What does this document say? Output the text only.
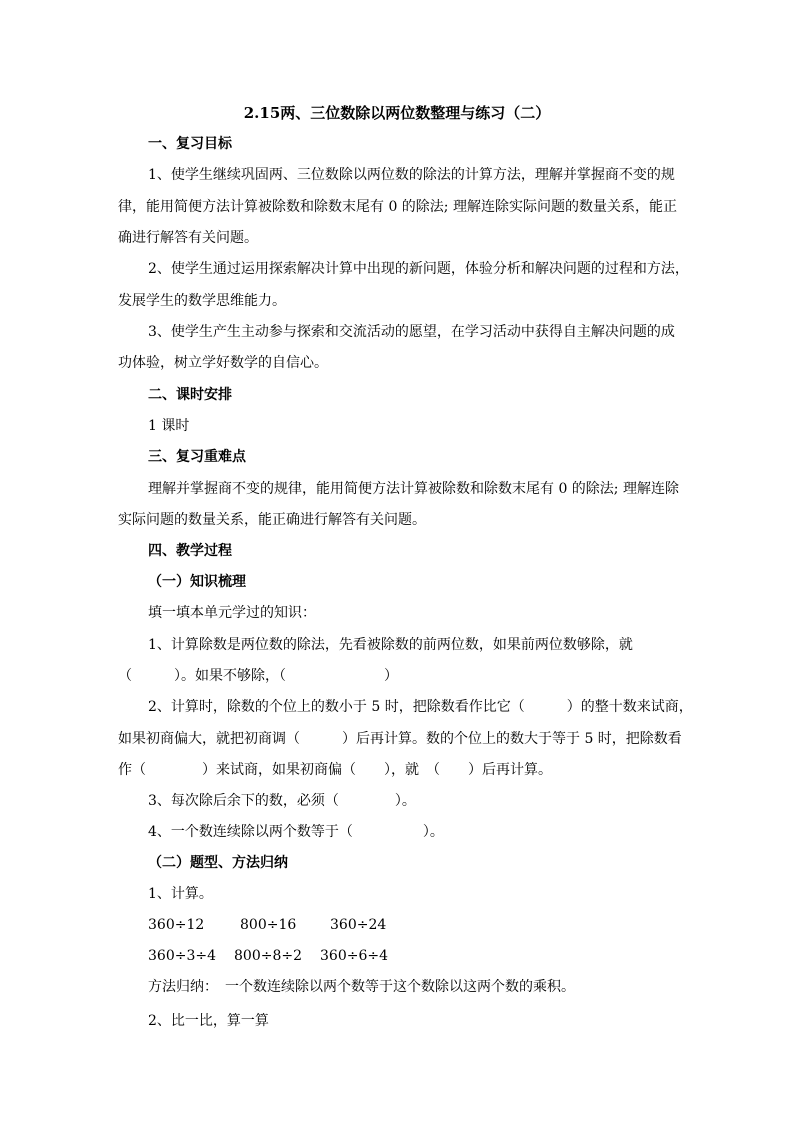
2.15两、三位数除以两位数整理与练习（二）
一、复习目标
1、使学生继续巩固两、三位数除以两位数的除法的计算方法，理解并掌握商不变的规
律，能用简便方法计算被除数和除数末尾有 0 的除法; 理解连除实际问题的数量关系，能正
确进行解答有关问题。
2、使学生通过运用探索解决计算中出现的新问题，体验分析和解决问题的过程和方法，
发展学生的数学思维能力。
3、使学生产生主动参与探索和交流活动的愿望，在学习活动中获得自主解决问题的成
功体验，树立学好数学的自信心。
二、课时安排
1 课时
三、复习重难点
理解并掌握商不变的规律，能用简便方法计算被除数和除数末尾有 0 的除法; 理解连除
实际问题的数量关系，能正确进行解答有关问题。
四、教学过程
（一）知识梳理
填一填本单元学过的知识：
1、计算除数是两位数的除法，先看被除数的前两位数，如果前两位数够除，就
（　　　）。如果不够除，（　　　　　　　）
2、计算时，除数的个位上的数小于 5 时，把除数看作比它（　　　）的整十数来试商，
如果初商偏大，就把初商调（　　　）后再计算。数的个位上的数大于等于 5 时，把除数看
作（　　　　）来试商，如果初商偏（　　），就　（　　）后再计算。
3、每次除后余下的数，必须（　　　　）。
4、一个数连续除以两个数等于（　　　　　）。
（二）题型、方法归纳
1、计算。
360÷12	800÷16 360÷24
360÷3÷4 800÷8÷2 360÷6÷4
方法归纳：　一个数连续除以两个数等于这个数除以这两个数的乘积。
2、比一比，算一算
